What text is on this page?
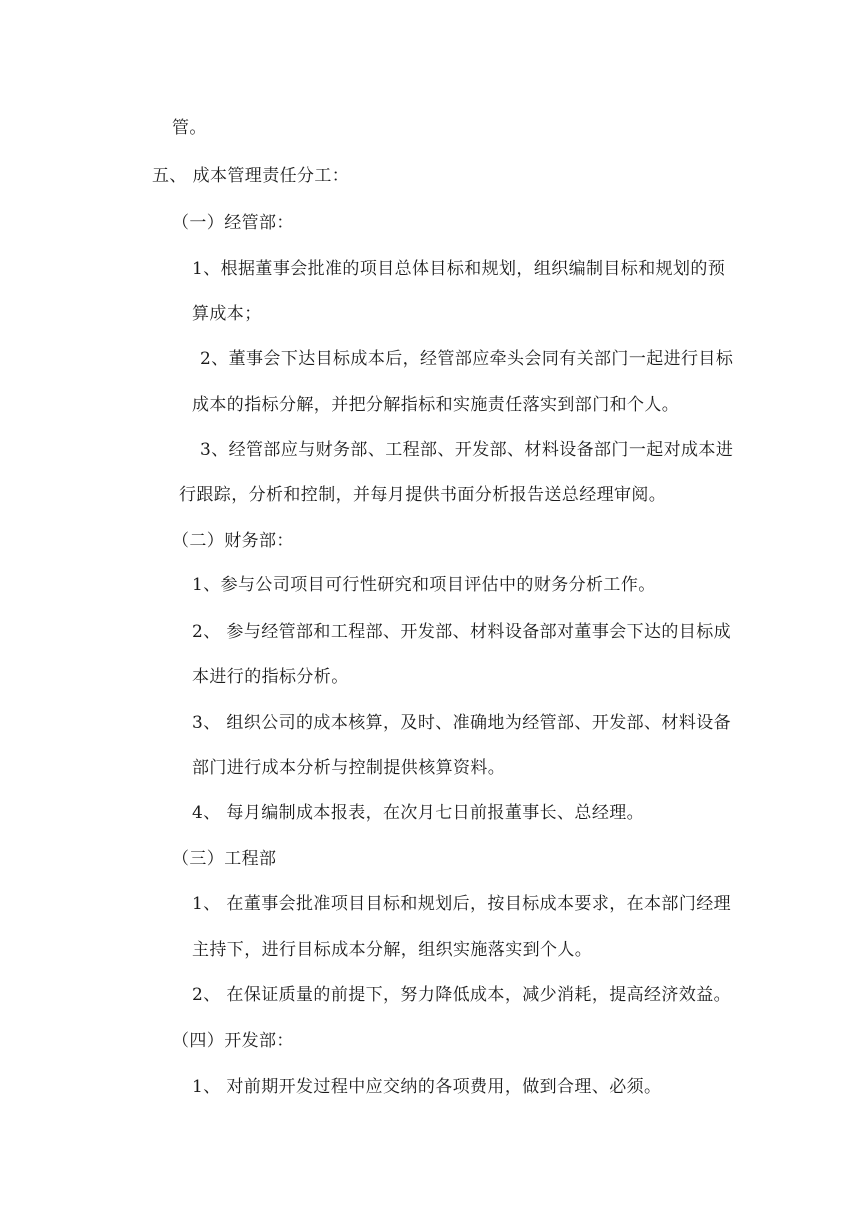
管。
五、 成本管理责任分工：
（一）经管部：
1、根据董事会批准的项目总体目标和规划，组织编制目标和规划的预
算成本；
2、董事会下达目标成本后，经管部应牵头会同有关部门一起进行目标
成本的指标分解，并把分解指标和实施责任落实到部门和个人。
3、经管部应与财务部、工程部、开发部、材料设备部门一起对成本进
行跟踪，分析和控制，并每月提供书面分析报告送总经理审阅。
（二）财务部：
1、参与公司项目可行性研究和项目评估中的财务分析工作。
2、 参与经管部和工程部、开发部、材料设备部对董事会下达的目标成
本进行的指标分析。
3、 组织公司的成本核算，及时、准确地为经管部、开发部、材料设备
部门进行成本分析与控制提供核算资料。
4、 每月编制成本报表，在次月七日前报董事长、总经理。
（三）工程部
1、 在董事会批准项目目标和规划后，按目标成本要求，在本部门经理
主持下，进行目标成本分解，组织实施落实到个人。
2、 在保证质量的前提下，努力降低成本，减少消耗，提高经济效益。
（四）开发部：
1、 对前期开发过程中应交纳的各项费用，做到合理、必须。
